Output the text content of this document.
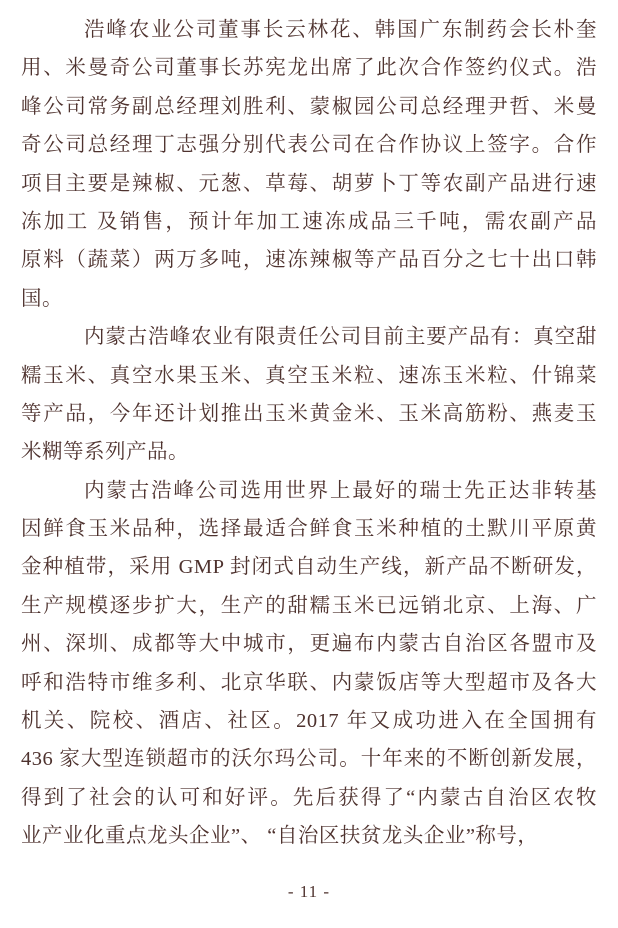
浩峰农业公司董事长云林花、韩国广东制药会长朴奎
用、米曼奇公司董事长苏宪龙出席了此次合作签约仪式。浩
峰公司常务副总经理刘胜利、蒙椒园公司总经理尹哲、米曼
奇公司总经理丁志强分别代表公司在合作协议上签字。合作
项目主要是辣椒、元葱、草莓、胡萝卜丁等农副产品进行速
冻加工 及销售，预计年加工速冻成品三千吨，需农副产品
原料（蔬菜）两万多吨，速冻辣椒等产品百分之七十出口韩
国。
内蒙古浩峰农业有限责任公司目前主要产品有：真空甜
糯玉米、真空水果玉米、真空玉米粒、速冻玉米粒、什锦菜
等产品，今年还计划推出玉米黄金米、玉米高筋粉、燕麦玉
米糊等系列产品。
内蒙古浩峰公司选用世界上最好的瑞士先正达非转基
因鲜食玉米品种，选择最适合鲜食玉米种植的土默川平原黄
金种植带，采用 GMP 封闭式自动生产线，新产品不断研发，
生产规模逐步扩大，生产的甜糯玉米已远销北京、上海、广
州、深圳、成都等大中城市，更遍布内蒙古自治区各盟市及
呼和浩特市维多利、北京华联、内蒙饭店等大型超市及各大
机关、院校、酒店、社区。2017 年又成功进入在全国拥有
436 家大型连锁超市的沃尔玛公司。十年来的不断创新发展，
得到了社会的认可和好评。先后获得了“内蒙古自治区农牧
业产业化重点龙头企业”、 “自治区扶贫龙头企业”称号，
- 11 -
